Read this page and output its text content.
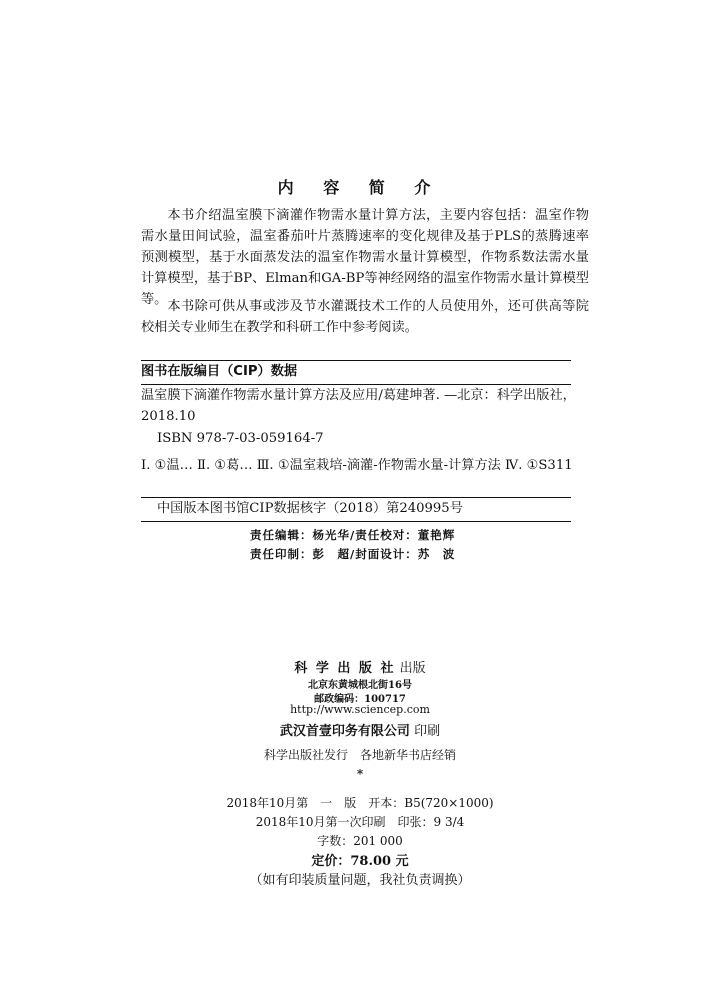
内 容 简 介

本书介绍温室膜下滴灌作物需水量计算方法，主要内容包括：温室作物需水量田间试验，温室番茄叶片蒸腾速率的变化规律及基于PLS的蒸腾速率预测模型，基于水面蒸发法的温室作物需水量计算模型，作物系数法需水量计算模型，基于BP、Elman和GA-BP等神经网络的温室作物需水量计算模型等。 本书除可供从事或涉及节水灌溉技术工作的人员使用外，还可供高等院校相关专业师生在教学和科研工作中参考阅读。

图书在版编目（CIP）数据

温室膜下滴灌作物需水量计算方法及应用/葛建坤著. —北京：科学出版社，2018.10

ISBN 978-7-03-059164-7

Ⅰ. ①温… Ⅱ. ①葛… Ⅲ. ①温室栽培-滴灌-作物需水量-计算方法 Ⅳ. ①S311

中国版本图书馆CIP数据核字（2018）第240995号
责任编辑：杨光华/责任校对：董艳辉
责任印制：彭　超/封面设计：苏　波
科 学 出 版 社 出版
北京东黄城根北街16号
邮政编码：100717
http://www.sciencep.com
武汉首壹印务有限公司 印刷
科学出版社发行　各地新华书店经销
*
2018年10月第　一　版　开本：B5(720×1000)
2018年10月第一次印刷　印张：9 3/4
字数：201 000
定价：78.00 元
（如有印装质量问题，我社负责调换）
